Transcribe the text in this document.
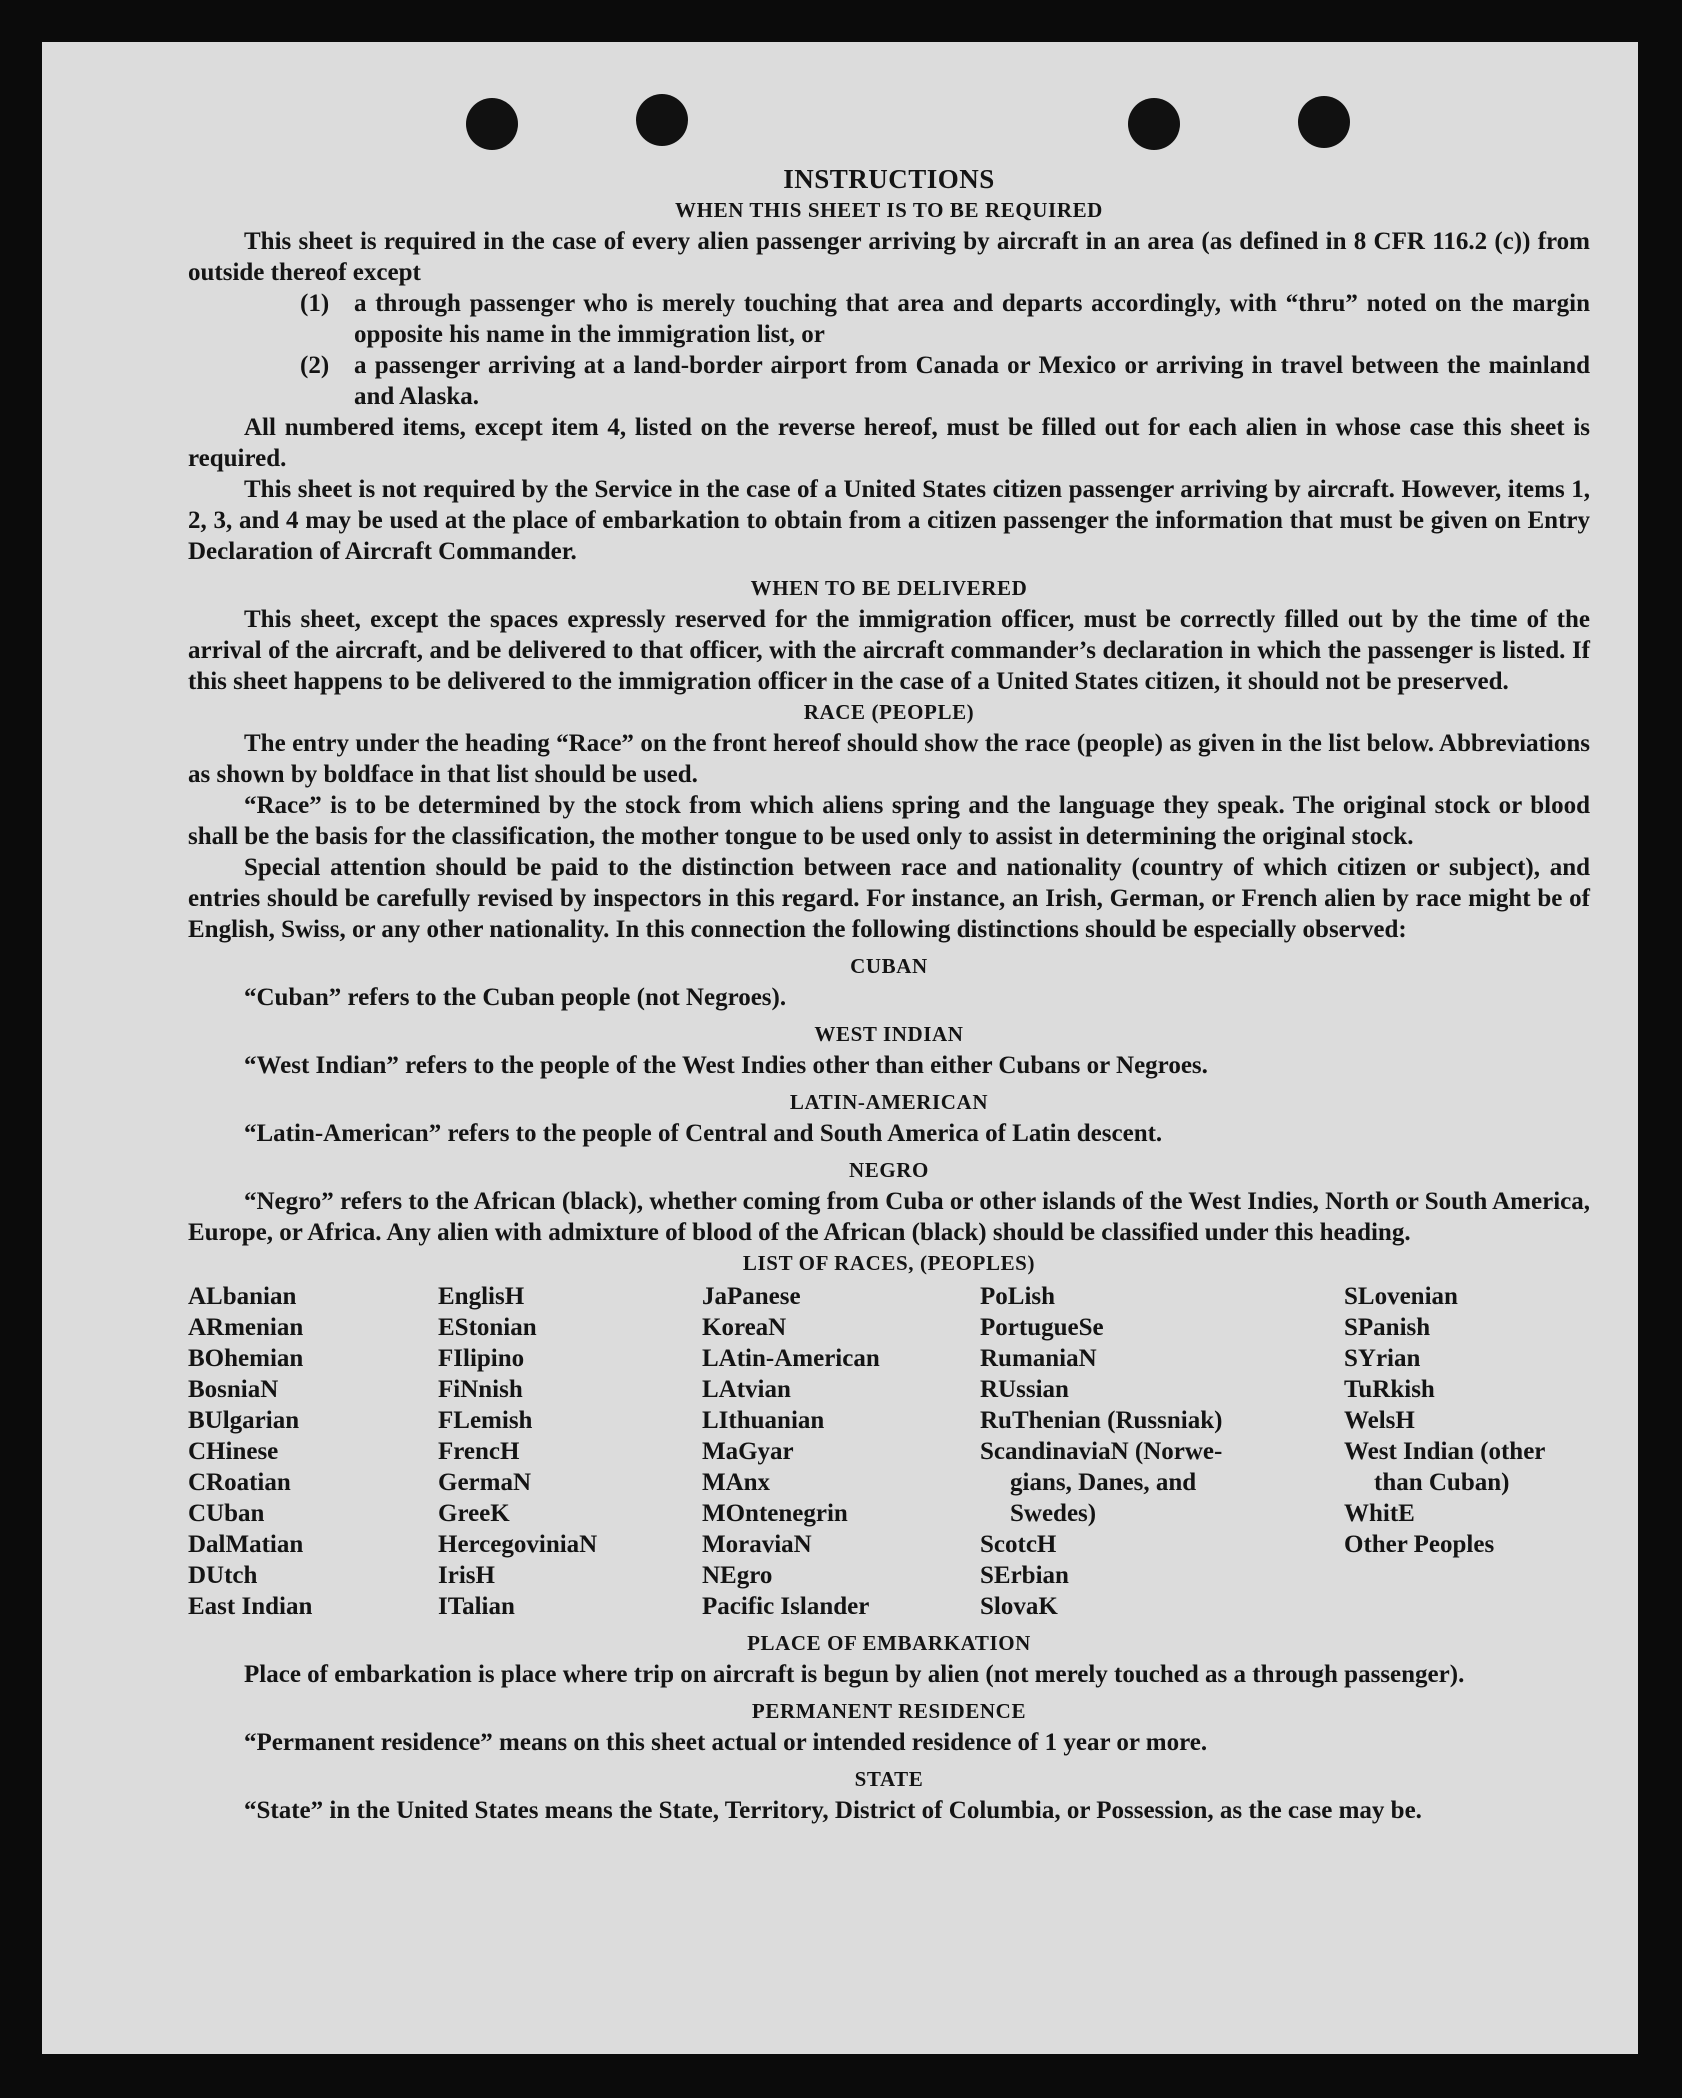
INSTRUCTIONS
WHEN THIS SHEET IS TO BE REQUIRED

This sheet is required in the case of every alien passenger arriving by aircraft in an area (as defined in 8 CFR 116.2 (c)) from outside thereof except

(1) a through passenger who is merely touching that area and departs accordingly, with “thru” noted on the margin opposite his name in the immigration list, or
(2) a passenger arriving at a land-border airport from Canada or Mexico or arriving in travel between the mainland and Alaska.

All numbered items, except item 4, listed on the reverse hereof, must be filled out for each alien in whose case this sheet is required.

This sheet is not required by the Service in the case of a United States citizen passenger arriving by aircraft. However, items 1, 2, 3, and 4 may be used at the place of embarkation to obtain from a citizen passenger the information that must be given on Entry Declaration of Aircraft Commander.

WHEN TO BE DELIVERED

This sheet, except the spaces expressly reserved for the immigration officer, must be correctly filled out by the time of the arrival of the aircraft, and be delivered to that officer, with the aircraft commander’s declaration in which the passenger is listed. If this sheet happens to be delivered to the immigration officer in the case of a United States citizen, it should not be preserved.

RACE (PEOPLE)

The entry under the heading “Race” on the front hereof should show the race (people) as given in the list below. Abbreviations as shown by boldface in that list should be used.

“Race” is to be determined by the stock from which aliens spring and the language they speak. The original stock or blood shall be the basis for the classification, the mother tongue to be used only to assist in determining the original stock.

Special attention should be paid to the distinction between race and nationality (country of which citizen or subject), and entries should be carefully revised by inspectors in this regard. For instance, an Irish, German, or French alien by race might be of English, Swiss, or any other nationality. In this connection the following distinctions should be especially observed:

CUBAN

“Cuban” refers to the Cuban people (not Negroes).

WEST INDIAN

“West Indian” refers to the people of the West Indies other than either Cubans or Negroes.

LATIN-AMERICAN

“Latin-American” refers to the people of Central and South America of Latin descent.

NEGRO

“Negro” refers to the African (black), whether coming from Cuba or other islands of the West Indies, North or South America, Europe, or Africa. Any alien with admixture of blood of the African (black) should be classified under this heading.

LIST OF RACES, (PEOPLES)
ALbanian
ARmenian
BOhemian
BosniaN
BUlgarian
CHinese
CRoatian
CUban
DalMatian
DUtch
East Indian
EnglisH
EStonian
FIlipino
FiNnish
FLemish
FrencH
GermaN
GreeK
HercegoviniaN
IrisH
ITalian
JaPanese
KoreaN
LAtin-American
LAtvian
LIthuanian
MaGyar
MAnx
MOntenegrin
MoraviaN
NEgro
Pacific Islander
PoLish
PortugueSe
RumaniaN
RUssian
RuThenian (Russniak)
ScandinaviaN (Norwe-
gians, Danes, and
Swedes)
ScotcH
SErbian
SlovaK
SLovenian
SPanish
SYrian
TuRkish
WelsH
West Indian (other
than Cuban)
WhitE
Other Peoples
PLACE OF EMBARKATION

Place of embarkation is place where trip on aircraft is begun by alien (not merely touched as a through passenger).

PERMANENT RESIDENCE

“Permanent residence” means on this sheet actual or intended residence of 1 year or more.

STATE

“State” in the United States means the State, Territory, District of Columbia, or Possession, as the case may be.
